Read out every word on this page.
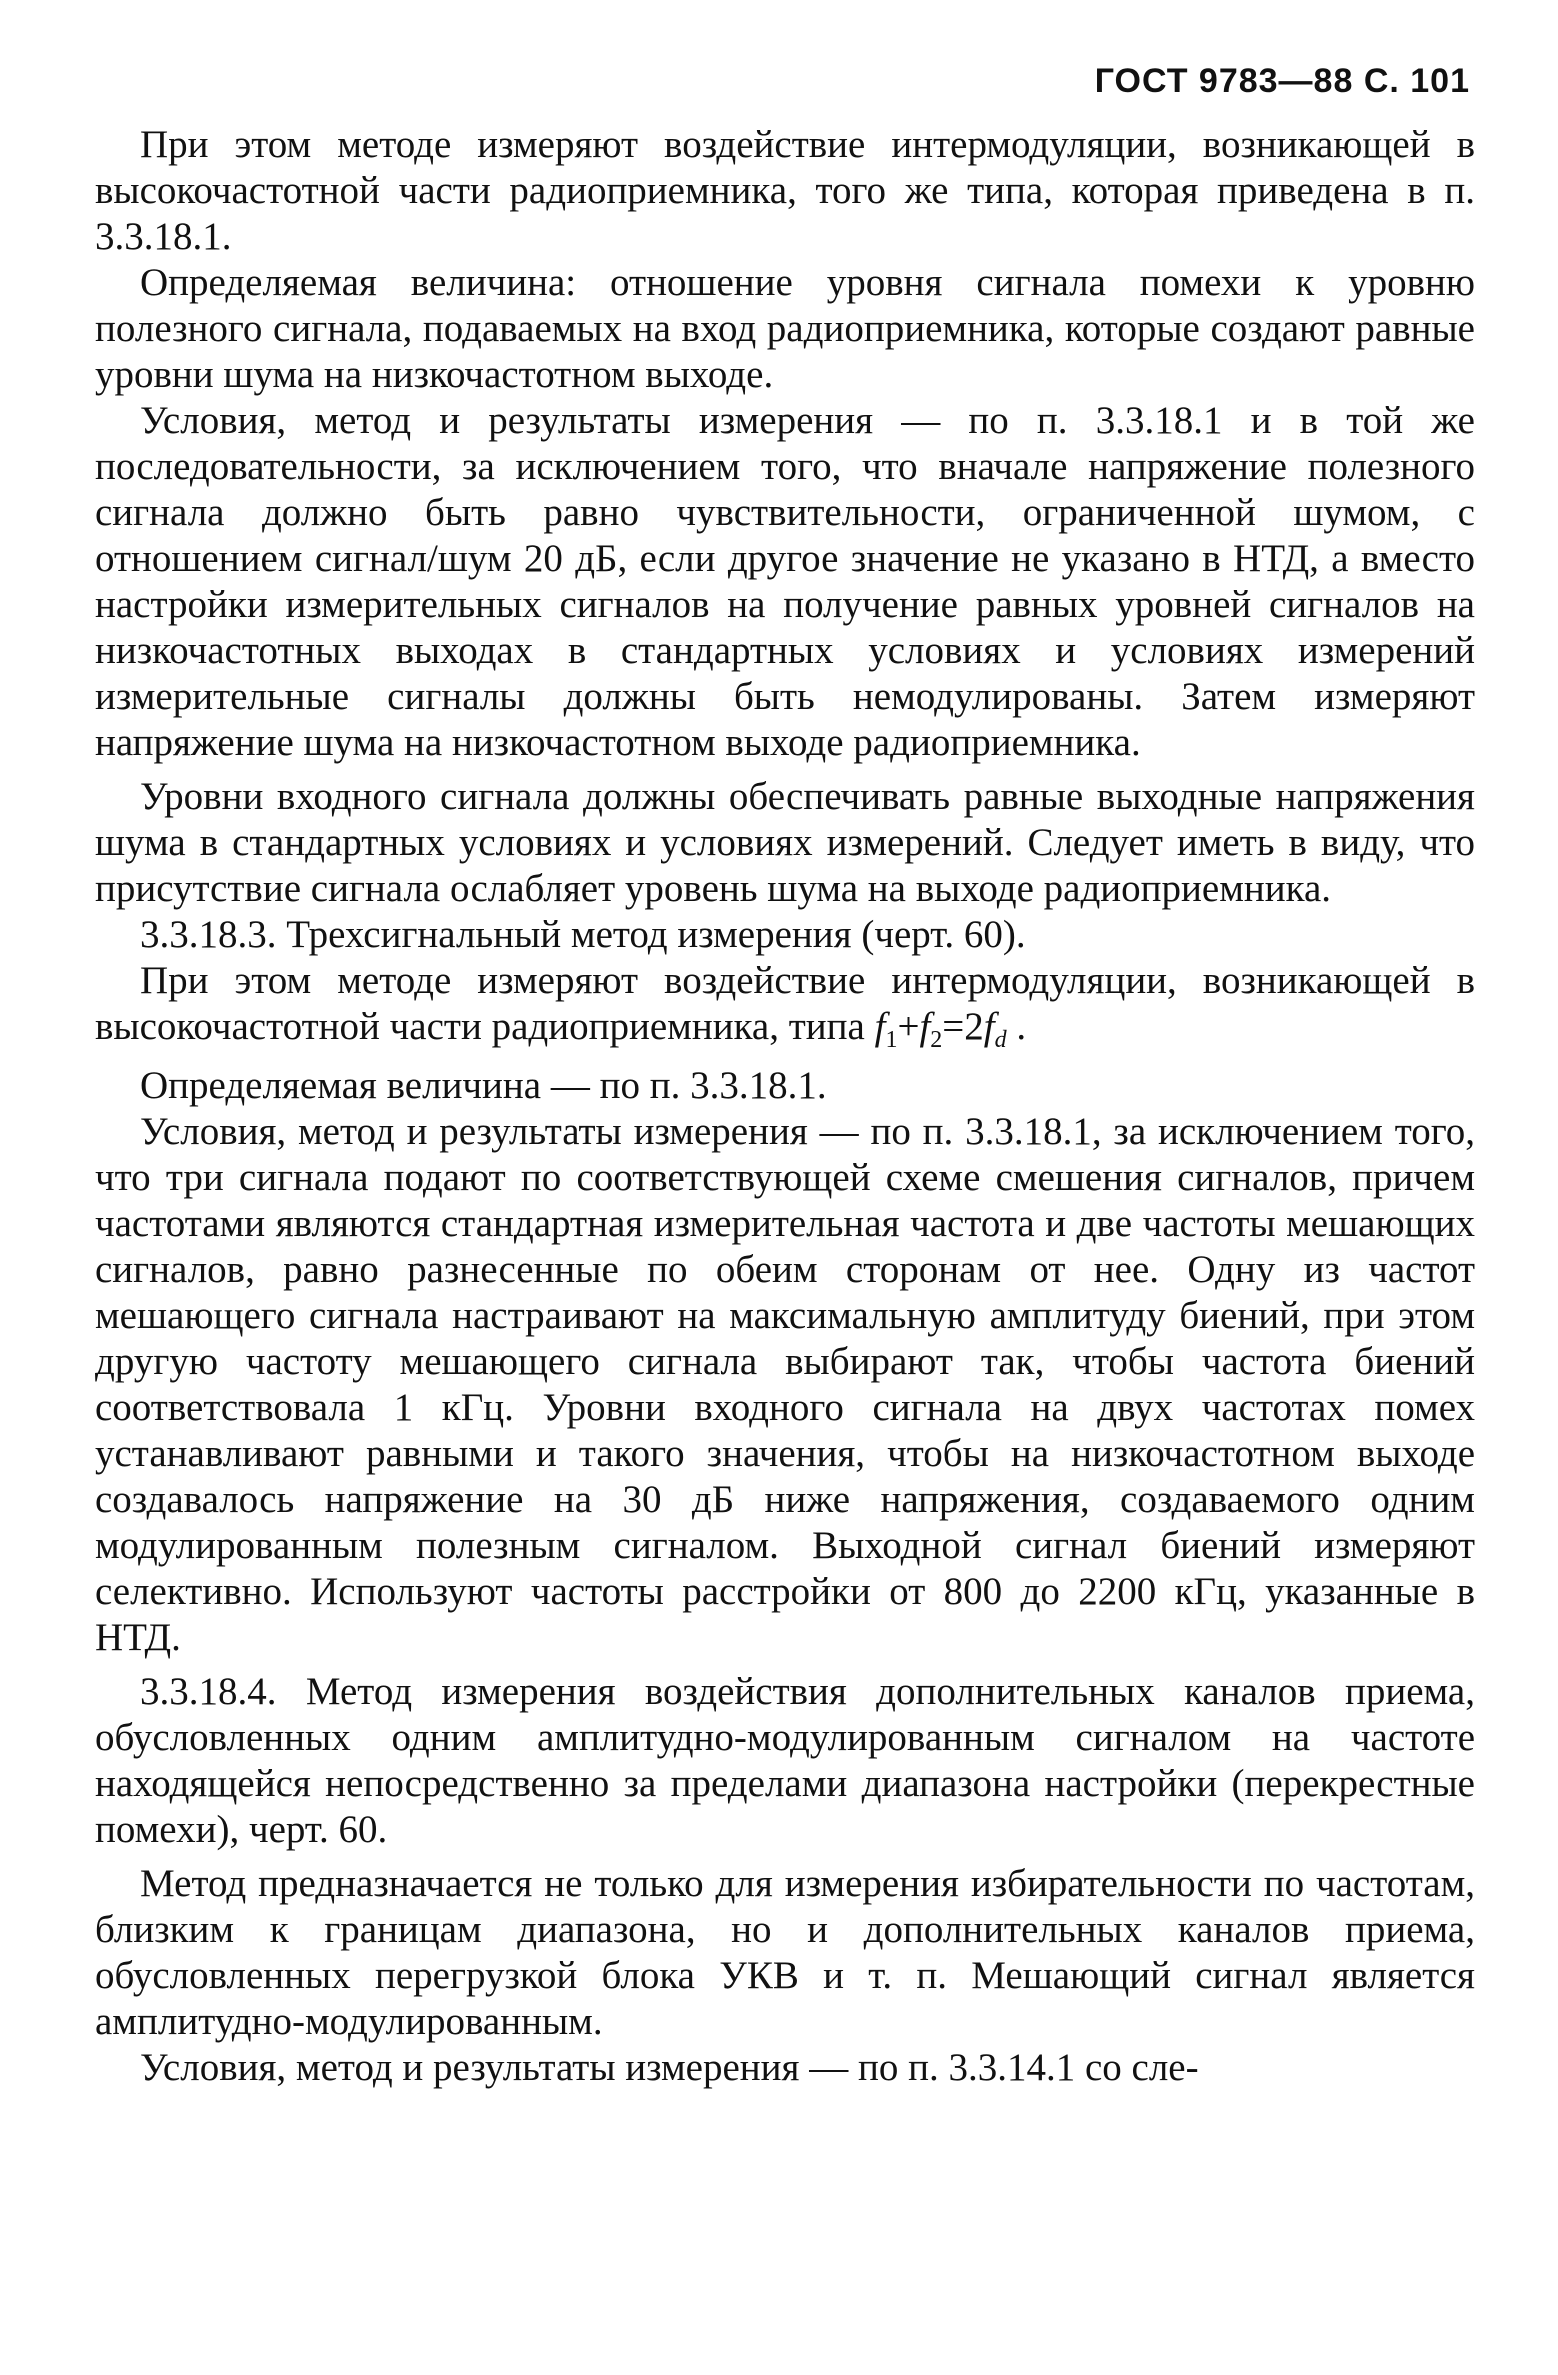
ГОСТ 9783—88 С. 101

При этом методе измеряют воздействие интермодуляции, возникающей в высокочастотной части радиоприемника, того же типа, которая приведена в п. 3.3.18.1.

Определяемая величина: отношение уровня сигнала помехи к уровню полезного сигнала, подаваемых на вход радиоприемника, которые создают равные уровни шума на низкочастотном выходе.

Условия, метод и результаты измерения — по п. 3.3.18.1 и в той же последовательности, за исключением того, что вначале напряжение полезного сигнала должно быть равно чувствительности, ограниченной шумом, с отношением сигнал/шум 20 дБ, если другое значение не указано в НТД, а вместо настройки измерительных сигналов на получение равных уровней сигналов на низкочастотных выходах в стандартных условиях и условиях измерений измерительные сигналы должны быть немодулированы. Затем измеряют напряжение шума на низкочастотном выходе радиоприемника.

Уровни входного сигнала должны обеспечивать равные выходные напряжения шума в стандартных условиях и условиях измерений. Следует иметь в виду, что присутствие сигнала ослабляет уровень шума на выходе радиоприемника.

3.3.18.3. Трехсигнальный метод измерения (черт. 60).

При этом методе измеряют воздействие интермодуляции, возникающей в высокочастотной части радиоприемника, типа $f_1+f_2=2f_d$ .

Определяемая величина — по п. 3.3.18.1.

Условия, метод и результаты измерения — по п. 3.3.18.1, за исключением того, что три сигнала подают по соответствующей схеме смешения сигналов, причем частотами являются стандартная измерительная частота и две частоты мешающих сигналов, равно разнесенные по обеим сторонам от нее. Одну из частот мешающего сигнала настраивают на максимальную амплитуду биений, при этом другую частоту мешающего сигнала выбирают так, чтобы частота биений соответствовала 1 кГц. Уровни входного сигнала на двух частотах помех устанавливают равными и такого значения, чтобы на низкочастотном выходе создавалось напряжение на 30 дБ ниже напряжения, создаваемого одним модулированным полезным сигналом. Выходной сигнал биений измеряют селективно. Используют частоты расстройки от 800 до 2200 кГц, указанные в НТД.

3.3.18.4. Метод измерения воздействия дополнительных каналов приема, обусловленных одним амплитудно-модулированным сигналом на частоте находящейся непосредственно за пределами диапазона настройки (перекрестные помехи), черт. 60.

Метод предназначается не только для измерения избирательности по частотам, близким к границам диапазона, но и дополнительных каналов приема, обусловленных перегрузкой блока УКВ и т. п. Мешающий сигнал является амплитудно-модулированным.

Условия, метод и результаты измерения — по п. 3.3.14.1 со сле-
